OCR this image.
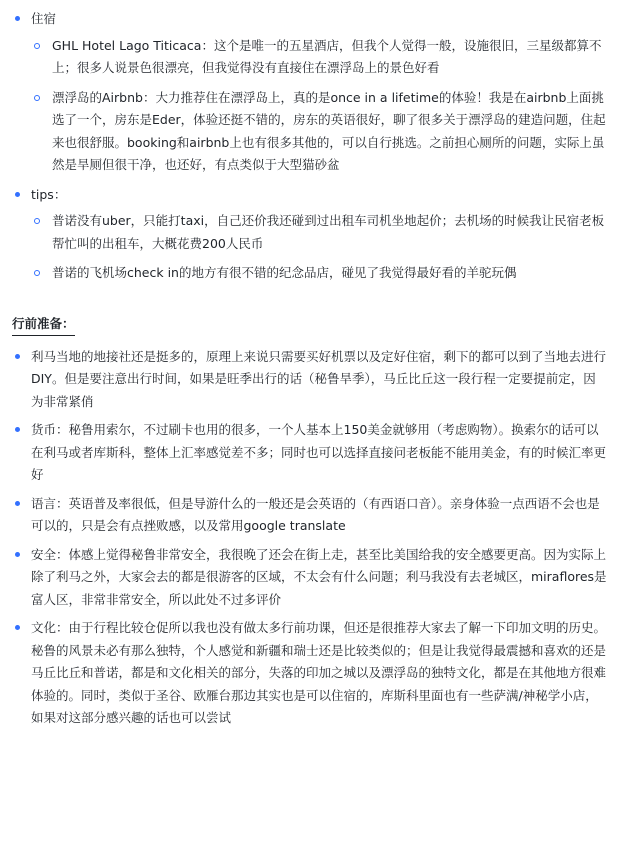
住宿
GHL Hotel Lago Titicaca：这个是唯一的五星酒店，但我个人觉得一般，设施很旧，三星级都算不上；很多人说景色很漂亮，但我觉得没有直接住在漂浮岛上的景色好看
漂浮岛的Airbnb：大力推荐住在漂浮岛上，真的是once in a lifetime的体验！我是在airbnb上面挑选了一个，房东是Eder，体验还挺不错的，房东的英语很好，聊了很多关于漂浮岛的建造问题，住起来也很舒服。booking和airbnb上也有很多其他的，可以自行挑选。之前担心厕所的问题，实际上虽然是旱厕但很干净，也还好，有点类似于大型猫砂盆
tips：
普诺没有uber，只能打taxi，自己还价我还碰到过出租车司机坐地起价；去机场的时候我让民宿老板帮忙叫的出租车，大概花费200人民币
普诺的飞机场check in的地方有很不错的纪念品店，碰见了我觉得最好看的羊驼玩偶
行前准备：
利马当地的地接社还是挺多的，原理上来说只需要买好机票以及定好住宿，剩下的都可以到了当地去进行DIY。但是要注意出行时间，如果是旺季出行的话（秘鲁旱季），马丘比丘这一段行程一定要提前定，因为非常紧俏
货币：秘鲁用索尔，不过刷卡也用的很多，一个人基本上150美金就够用（考虑购物）。换索尔的话可以在利马或者库斯科，整体上汇率感觉差不多；同时也可以选择直接问老板能不能用美金，有的时候汇率更好
语言：英语普及率很低，但是导游什么的一般还是会英语的（有西语口音）。亲身体验一点西语不会也是可以的，只是会有点挫败感，以及常用google translate
安全：体感上觉得秘鲁非常安全，我很晚了还会在街上走，甚至比美国给我的安全感要更高。因为实际上除了利马之外，大家会去的都是很游客的区域，不太会有什么问题；利马我没有去老城区，miraflores是富人区，非常非常安全，所以此处不过多评价
文化：由于行程比较仓促所以我也没有做太多行前功课，但还是很推荐大家去了解一下印加文明的历史。秘鲁的风景未必有那么独特，个人感觉和新疆和瑞士还是比较类似的；但是让我觉得最震撼和喜欢的还是马丘比丘和普诺，都是和文化相关的部分，失落的印加之城以及漂浮岛的独特文化，都是在其他地方很难体验的。同时，类似于圣谷、欧雁台那边其实也是可以住宿的，库斯科里面也有一些萨满/神秘学小店，如果对这部分感兴趣的话也可以尝试
